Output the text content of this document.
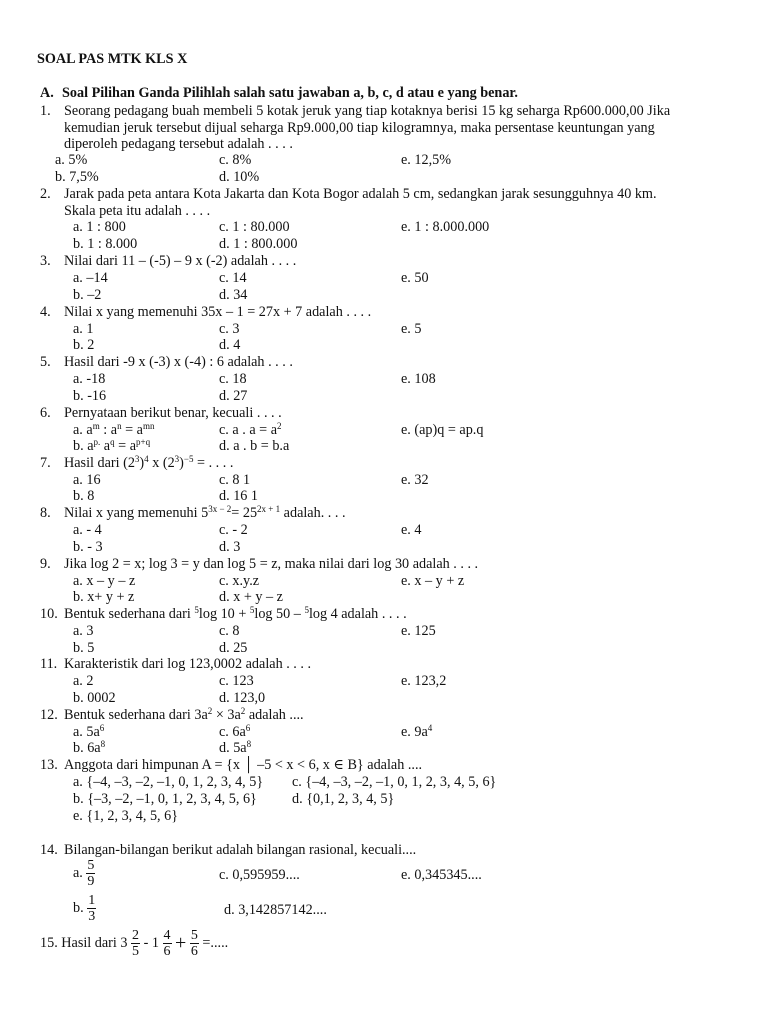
SOAL PAS MTK KLS X
A. Soal Pilihan Ganda Pilihlah salah satu jawaban a, b, c, d atau e yang benar.
1. Seorang pedagang buah membeli 5 kotak jeruk yang tiap kotaknya berisi 15 kg seharga Rp600.000,00 Jika
kemudian jeruk tersebut dijual seharga Rp9.000,00 tiap kilogramnya, maka persentase keuntungan yang
diperoleh pedagang tersebut adalah . . . .
a. 5%
b. 7,5%
c. 8%
d. 10%
e. 12,5%
2. Jarak pada peta antara Kota Jakarta dan Kota Bogor adalah 5 cm, sedangkan jarak sesungguhnya 40 km.
Skala peta itu adalah . . . .
a. 1 : 800
b. 1 : 8.000
c. 1 : 80.000
d. 1 : 800.000
e. 1 : 8.000.000
3. Nilai dari 11 – (-5) – 9 x (-2) adalah . . . .
a. –14
b. –2
c. 14
d. 34
e. 50
4. Nilai x yang memenuhi 35x – 1 = 27x + 7 adalah . . . .
a. 1
b. 2
c. 3
d. 4
e. 5
5. Hasil dari -9 x (-3) x (-4) : 6 adalah . . . .
a. -18
b. -16
c. 18
d. 27
e. 108
6. Pernyataan berikut benar, kecuali . . . .
a. $a^m$ : $a^n = a^{mn}$
b. $a^{p.}$ $a^q = a^{p+q}$
c. a . $a = a^2$
d. a . b = b.a
e. (ap)q = ap.q
7. Hasil dari $(2^3)^4$ x $(2^3)^{-5}$ = . . . .
a. 16
b. 8
c. 8 1
d. 16 1
e. 32
8. Nilai x yang memenuhi $5^{3x - 2}= 25^{2x + 1}$ adalah. . . .
a. - 4
b. - 3
c. - 2
d. 3
e. 4
9. Jika log 2 = x; log 3 = y dan log 5 = z, maka nilai dari log 30 adalah . . . .
a. x – y – z
b. x+ y + z
c. x.y.z
d. x + y – z
e. x – y + z
10. Bentuk sederhana dari $^5$log 10 + $^5$log 50 – $^5$log 4 adalah . . . .
a. 3
b. 5
c. 8
d. 25
e. 125
11. Karakteristik dari log 123,0002 adalah . . . .
a. 2
b. 0002
c. 123
d. 123,0
e. 123,2
12. Bentuk sederhana dari $3a^2 \times 3a^2$ adalah ....
a. $5a^6$
b. $6a^8$
c. $6a^6$
d. $5a^8$
e. $9a^4$
13. Anggota dari himpunan A = {x │ –5 < x < 6, x ∈ B} adalah ....
a. {–4, –3, –2, –1, 0, 1, 2, 3, 4, 5} c. {–4, –3, –2, –1, 0, 1, 2, 3, 4, 5, 6}
b. {–3, –2, –1, 0, 1, 2, 3, 4, 5, 6} d. {0,1, 2, 3, 4, 5}
e. {1, 2, 3, 4, 5, 6}
14. Bilangan-bilangan berikut adalah bilangan rasional, kecuali....
a. $\frac{5}{9}$	c. 0,595959....	e. 0,345345....
b. $\frac{1}{3}$	d. 3,142857142....
15. Hasil dari $3 \frac{2}{5} - 1 \frac{4}{6} + \frac{5}{6}$ =.....
